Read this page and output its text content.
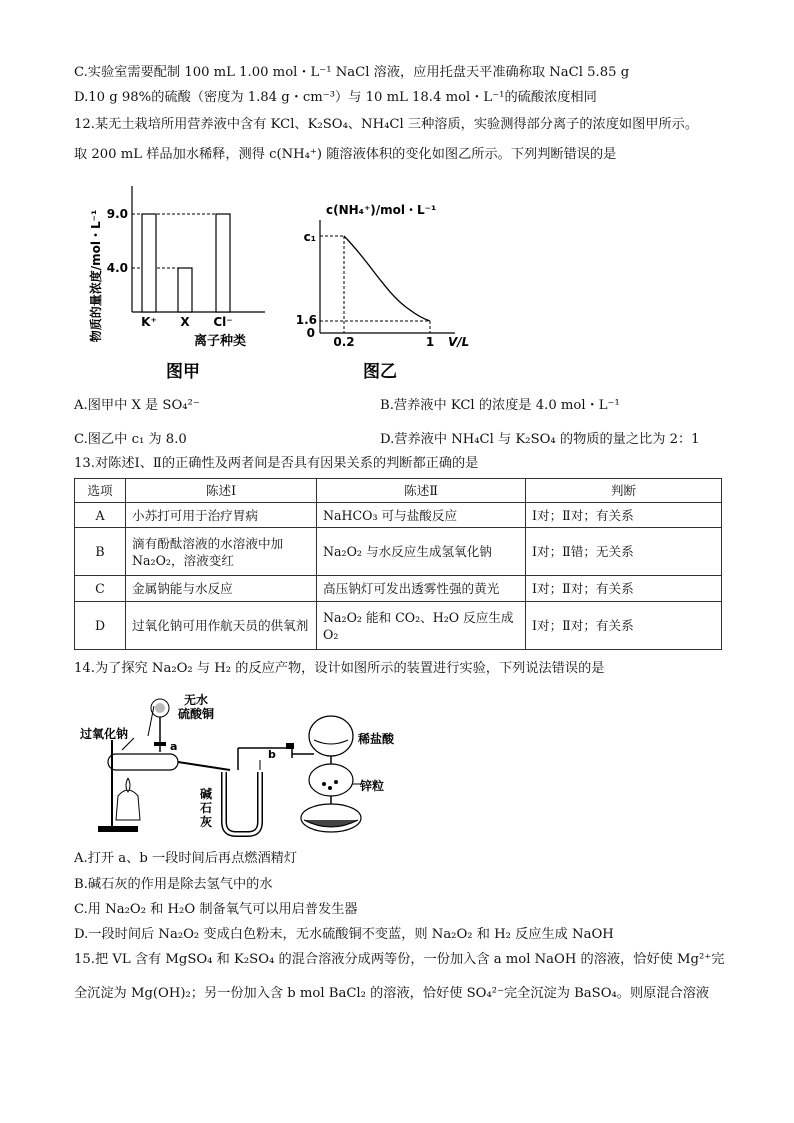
C.实验室需要配制 100 mL 1.00 mol・L⁻¹ NaCl 溶液，应用托盘天平准确称取 NaCl 5.85 g
D.10 g 98%的硫酸（密度为 1.84 g・cm⁻³）与 10 mL 18.4 mol・L⁻¹的硫酸浓度相同
12.某无土栽培所用营养液中含有 KCl、K₂SO₄、NH₄Cl 三种溶质，实验测得部分离子的浓度如图甲所示。
取 200 mL 样品加水稀释，测得 c(NH₄⁺) 随溶液体积的变化如图乙所示。下列判断错误的是
物质的量浓度/mol・L⁻¹ 9.0
4.0
K⁺ X Cl⁻
离子种类
图甲
c(NH₄⁺)/mol・L⁻¹
c₁
1.6
0
0.2	1 V/L
图乙
A.图甲中 X 是 SO₄²⁻	B.营养液中 KCl 的浓度是 4.0 mol・L⁻¹
C.图乙中 c₁ 为 8.0	D.营养液中 NH₄Cl 与 K₂SO₄ 的物质的量之比为 2：1
13.对陈述Ⅰ、Ⅱ的正确性及两者间是否具有因果关系的判断都正确的是
选项	陈述Ⅰ	陈述Ⅱ	判断
A	小苏打可用于治疗胃病	NaHCO₃ 可与盐酸反应	Ⅰ对；Ⅱ对；有关系
B	滴有酚酞溶液的水溶液中加 Na₂O₂，溶液变红	Na₂O₂ 与水反应生成氢氧化钠	Ⅰ对；Ⅱ错；无关系
C	金属钠能与水反应	高压钠灯可发出透雾性强的黄光	Ⅰ对；Ⅱ对；有关系
D	过氧化钠可用作航天员的供氧剂	Na₂O₂ 能和 CO₂、H₂O 反应生成 O₂	Ⅰ对；Ⅱ对；有关系
14.为了探究 Na₂O₂ 与 H₂ 的反应产物，设计如图所示的装置进行实验，下列说法错误的是
无水
硫酸铜
过氧化钠
a
b
碱
石
灰
稀盐酸
锌粒
A.打开 a、b 一段时间后再点燃酒精灯
B.碱石灰的作用是除去氢气中的水
C.用 Na₂O₂ 和 H₂O 制备氧气可以用启普发生器
D.一段时间后 Na₂O₂ 变成白色粉末，无水硫酸铜不变蓝，则 Na₂O₂ 和 H₂ 反应生成 NaOH
15.把 VL 含有 MgSO₄ 和 K₂SO₄ 的混合溶液分成两等份，一份加入含 a mol NaOH 的溶液，恰好使 Mg²⁺完
全沉淀为 Mg(OH)₂；另一份加入含 b mol BaCl₂ 的溶液，恰好使 SO₄²⁻完全沉淀为 BaSO₄。则原混合溶液
